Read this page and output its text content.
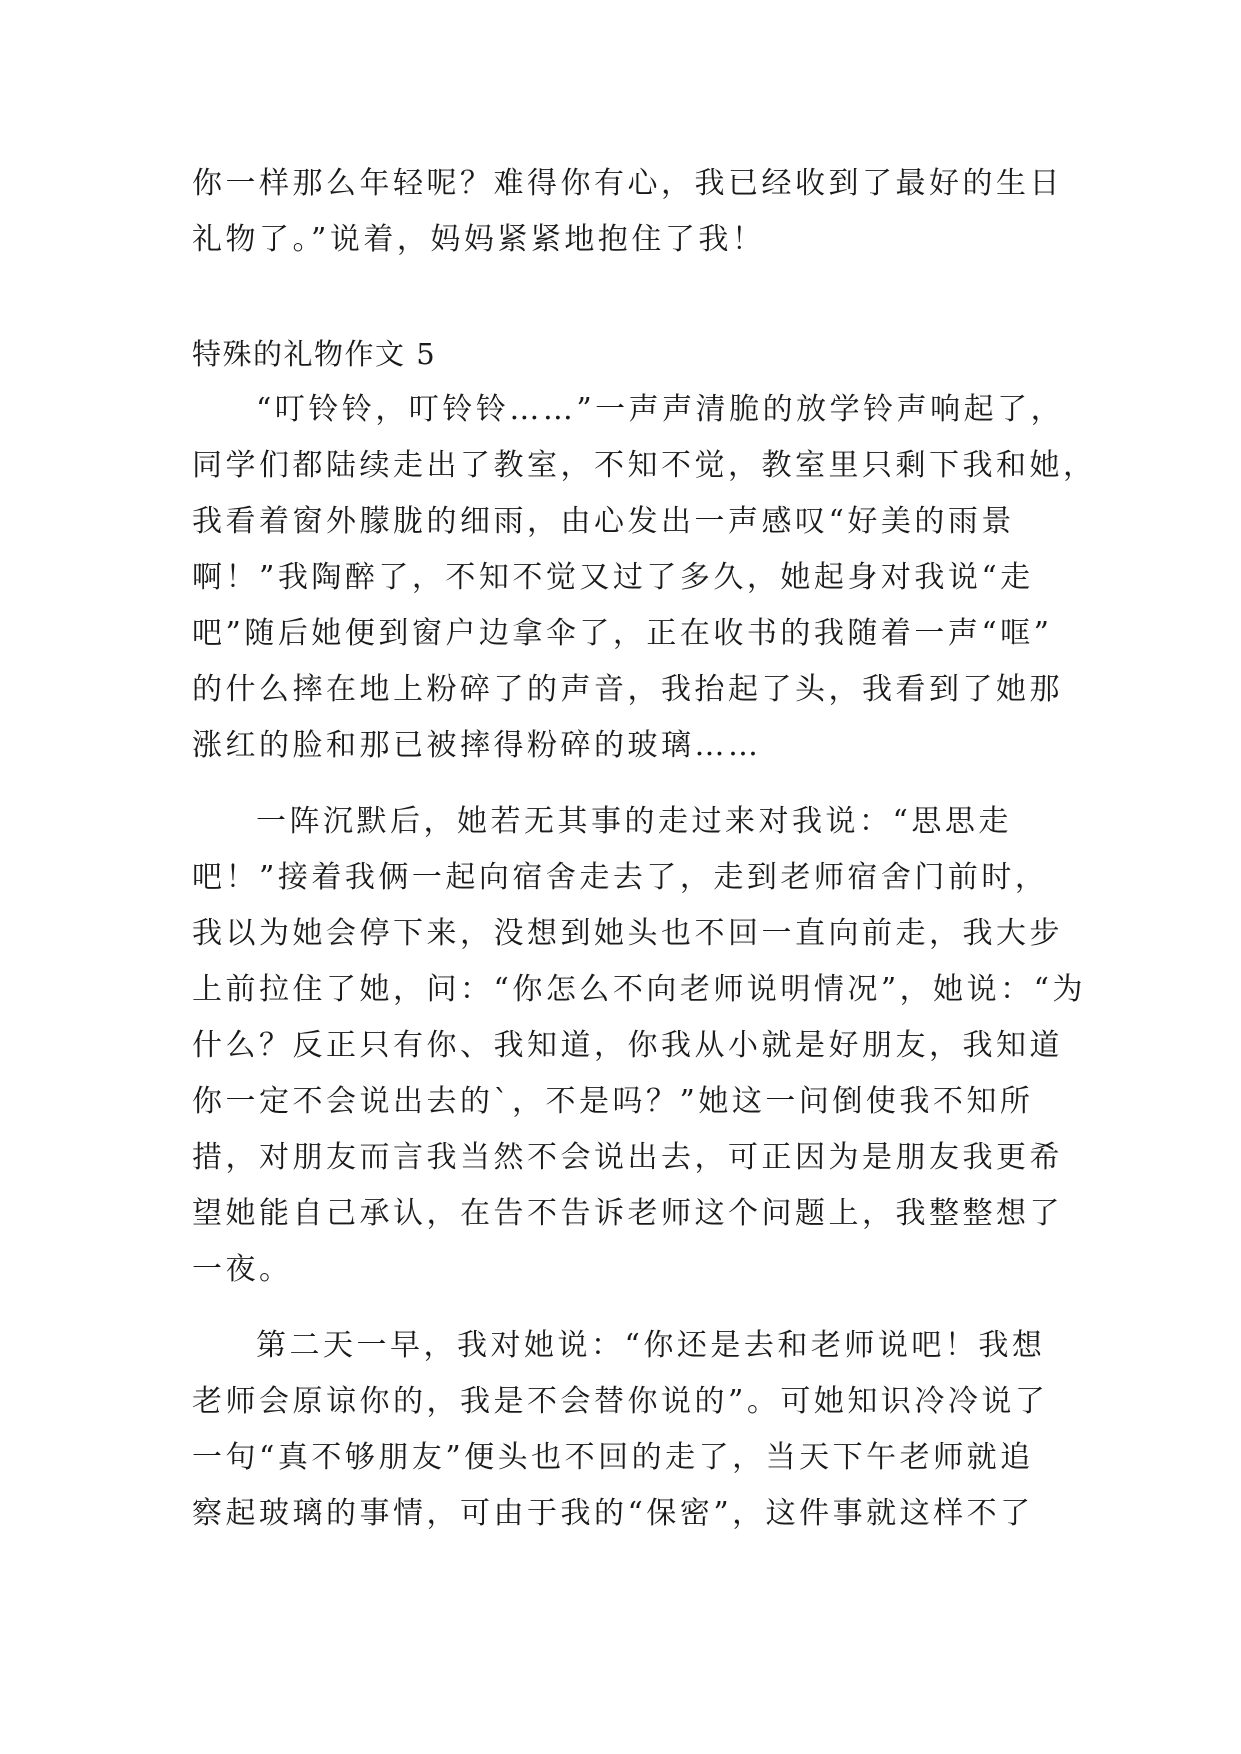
你一样那么年轻呢？难得你有心，我已经收到了最好的生日
礼物了。”说着，妈妈紧紧地抱住了我！
特殊的礼物作文 5
“叮铃铃，叮铃铃……”一声声清脆的放学铃声响起了，
同学们都陆续走出了教室，不知不觉，教室里只剩下我和她，
我看着窗外朦胧的细雨，由心发出一声感叹“好美的雨景
啊！”我陶醉了，不知不觉又过了多久，她起身对我说“走
吧”随后她便到窗户边拿伞了，正在收书的我随着一声“哐”
的什么摔在地上粉碎了的声音，我抬起了头，我看到了她那
涨红的脸和那已被摔得粉碎的玻璃……
一阵沉默后，她若无其事的走过来对我说：“思思走
吧！”接着我俩一起向宿舍走去了，走到老师宿舍门前时，
我以为她会停下来，没想到她头也不回一直向前走，我大步
上前拉住了她，问：“你怎么不向老师说明情况”，她说：“为
什么？反正只有你、我知道，你我从小就是好朋友，我知道
你一定不会说出去的`，不是吗？”她这一问倒使我不知所
措，对朋友而言我当然不会说出去，可正因为是朋友我更希
望她能自己承认，在告不告诉老师这个问题上，我整整想了
一夜。
第二天一早，我对她说：“你还是去和老师说吧！我想
老师会原谅你的，我是不会替你说的”。可她知识冷冷说了
一句“真不够朋友”便头也不回的走了，当天下午老师就追
察起玻璃的事情，可由于我的“保密”，这件事就这样不了
